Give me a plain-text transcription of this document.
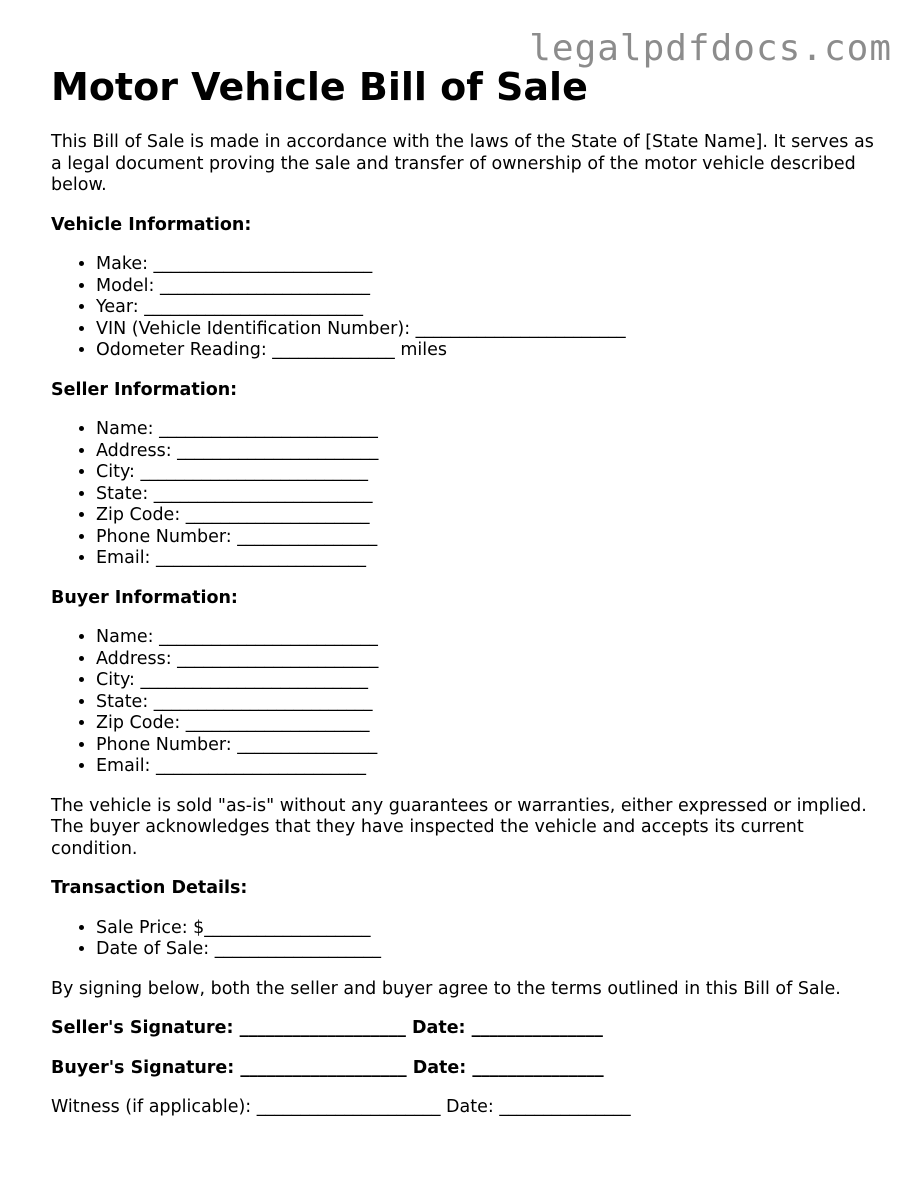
legalpdfdocs.com
Motor Vehicle Bill of Sale

This Bill of Sale is made in accordance with the laws of the State of [State Name]. It serves as a legal document proving the sale and transfer of ownership of the motor vehicle described below.

Vehicle Information:
• Make: _________________________
• Model: ________________________
• Year: _________________________
• VIN (Vehicle Identification Number): ________________________
• Odometer Reading: ______________ miles
Seller Information:
• Name: _________________________
• Address: _______________________
• City: __________________________
• State: _________________________
• Zip Code: _____________________
• Phone Number: ________________
• Email: ________________________
Buyer Information:
• Name: _________________________
• Address: _______________________
• City: __________________________
• State: _________________________
• Zip Code: _____________________
• Phone Number: ________________
• Email: ________________________

The vehicle is sold "as-is" without any guarantees or warranties, either expressed or implied. The buyer acknowledges that they have inspected the vehicle and accepts its current condition.

Transaction Details:
• Sale Price: $___________________
• Date of Sale: ___________________

By signing below, both the seller and buyer agree to the terms outlined in this Bill of Sale.

Seller's Signature: ___________________ Date: _______________

Buyer's Signature: ___________________ Date: _______________

Witness (if applicable): _____________________ Date: _______________
